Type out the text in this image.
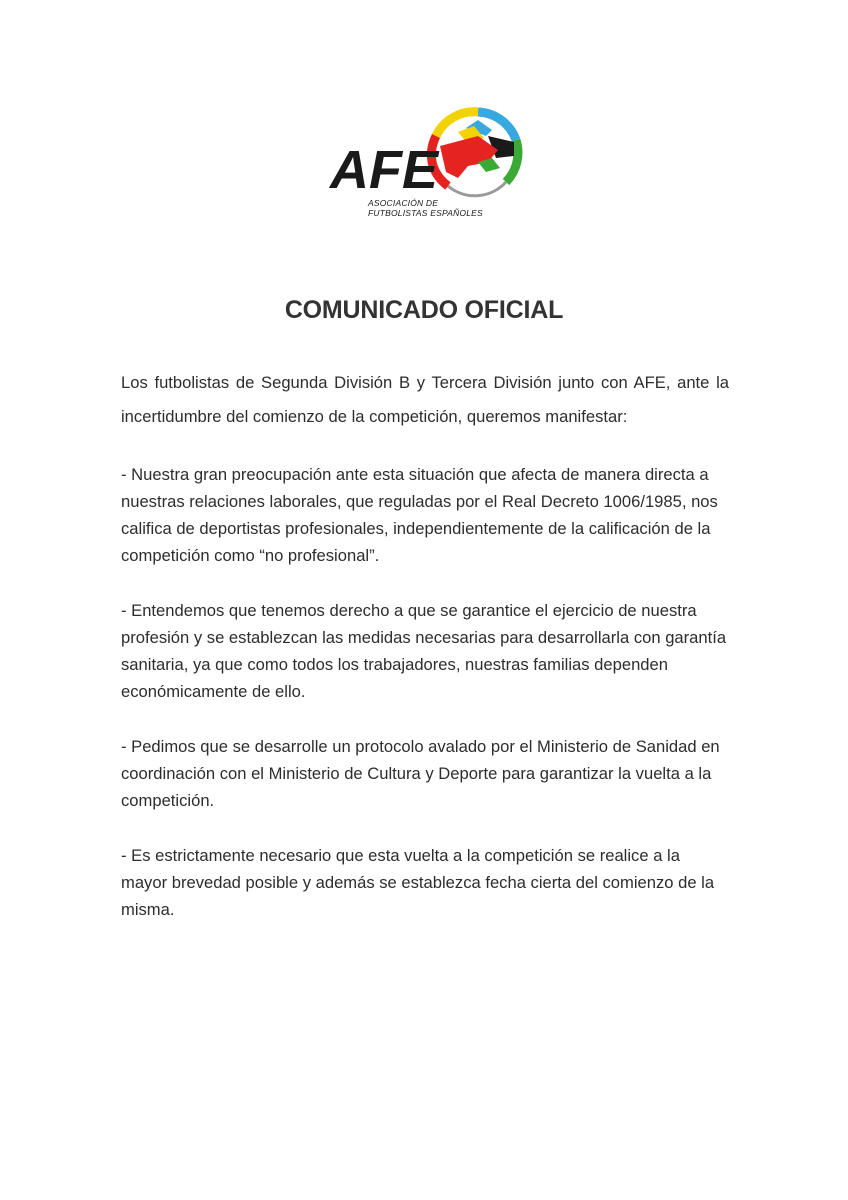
AFE
ASOCIACIÓN DE
FUTBOLISTAS ESPAÑOLES
COMUNICADO OFICIAL

Los futbolistas de Segunda División B y Tercera División junto con AFE, ante la incertidumbre del comienzo de la competición, queremos manifestar:

- Nuestra gran preocupación ante esta situación que afecta de manera directa a nuestras relaciones laborales, que reguladas por el Real Decreto 1006/1985, nos califica de deportistas profesionales, independientemente de la calificación de la competición como “no profesional”.

- Entendemos que tenemos derecho a que se garantice el ejercicio de nuestra profesión y se establezcan las medidas necesarias para desarrollarla con garantía sanitaria, ya que como todos los trabajadores, nuestras familias dependen económicamente de ello.

- Pedimos que se desarrolle un protocolo avalado por el Ministerio de Sanidad en coordinación con el Ministerio de Cultura y Deporte para garantizar la vuelta a la competición.

- Es estrictamente necesario que esta vuelta a la competición se realice a la mayor brevedad posible y además se establezca fecha cierta del comienzo de la misma.
